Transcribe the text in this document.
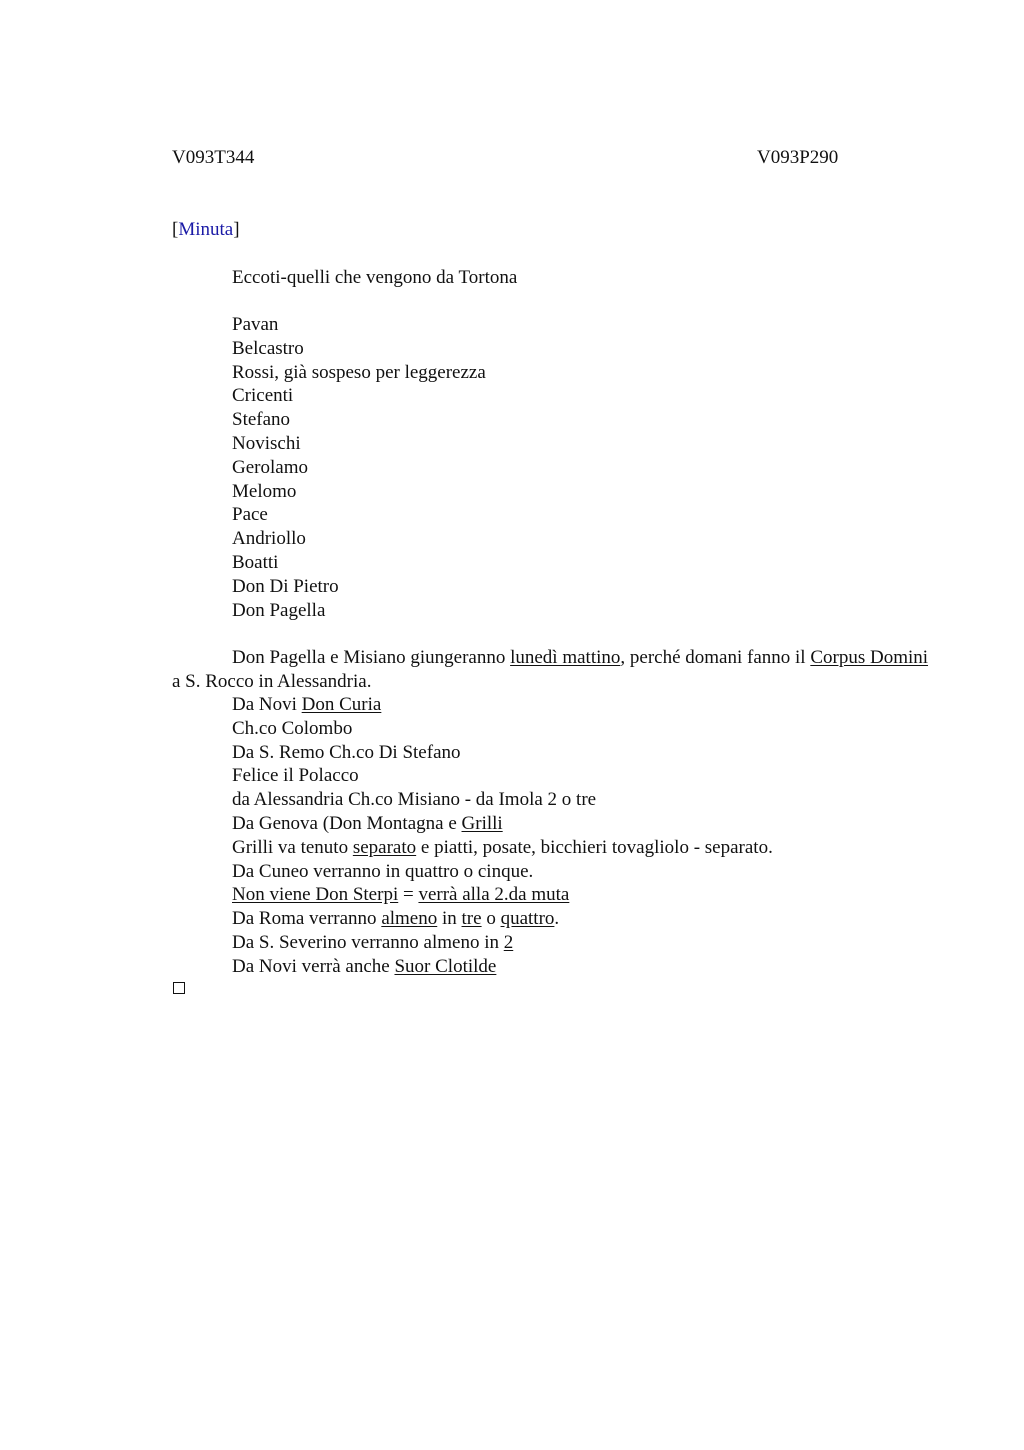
V093T344	V093P290
[Minuta]
Eccoti-quelli che vengono da Tortona
Pavan
Belcastro
Rossi, già sospeso per leggerezza
Cricenti
Stefano
Novischi
Gerolamo
Melomo
Pace
Andriollo
Boatti
Don Di Pietro
Don Pagella
Don Pagella e Misiano giungeranno lunedì mattino, perché domani fanno il Corpus Domini a S. Rocco in Alessandria.
Da Novi Don Curia
Ch.co Colombo
Da S. Remo Ch.co Di Stefano
Felice il Polacco
da Alessandria Ch.co Misiano - da Imola 2 o tre
Da Genova (Don Montagna e Grilli
Grilli va tenuto separato e piatti, posate, bicchieri tovagliolo - separato.
Da Cuneo verranno in quattro o cinque.
Non viene Don Sterpi = verrà alla 2.da muta
Da Roma verranno almeno in tre o quattro.
Da S. Severino verranno almeno in 2
Da Novi verrà anche Suor Clotilde
